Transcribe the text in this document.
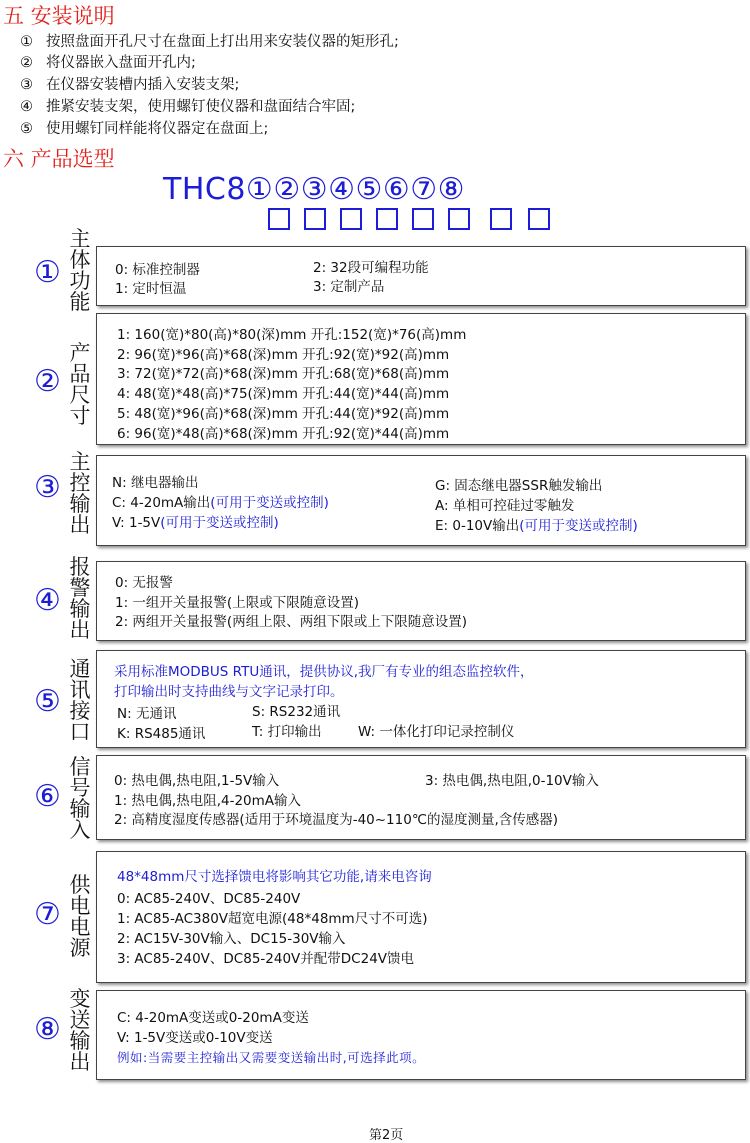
五 安装说明
① 按照盘面开孔尺寸在盘面上打出用来安装仪器的矩形孔;
② 将仪器嵌入盘面开孔内;
③ 在仪器安装槽内插入安装支架;
④ 推紧安装支架，使用螺钉使仪器和盘面结合牢固;
⑤ 使用螺钉同样能将仪器定在盘面上;
六 产品选型
THC8①②③④⑤⑥⑦⑧
①
主
体
功
能
0: 标准控制器
1: 定时恒温
2: 32段可编程功能
3: 定制产品
②
产
品
尺
寸
1: 160(宽)*80(高)*80(深)mm 开孔:152(宽)*76(高)mm
2: 96(宽)*96(高)*68(深)mm 开孔:92(宽)*92(高)mm
3: 72(宽)*72(高)*68(深)mm 开孔:68(宽)*68(高)mm
4: 48(宽)*48(高)*75(深)mm 开孔:44(宽)*44(高)mm
5: 48(宽)*96(高)*68(深)mm 开孔:44(宽)*92(高)mm
6: 96(宽)*48(高)*68(深)mm 开孔:92(宽)*44(高)mm
③
主
控
输
出
N: 继电器输出
C: 4-20mA输出(可用于变送或控制)
V: 1-5V(可用于变送或控制)
G: 固态继电器SSR触发输出
A: 单相可控硅过零触发
E: 0-10V输出(可用于变送或控制)
④
报
警
输
出
0: 无报警
1: 一组开关量报警(上限或下限随意设置)
2: 两组开关量报警(两组上限、两组下限或上下限随意设置)
⑤
通
讯
接
口
采用标准MODBUS RTU通讯，提供协议,我厂有专业的组态监控软件，
打印输出时支持曲线与文字记录打印。
N: 无通讯
K: RS485通讯
S: RS232通讯
T: 打印输出	W: 一体化打印记录控制仪
⑥
信
号
输
入
0: 热电偶,热电阻,1-5V输入	3: 热电偶,热电阻,0-10V输入
1: 热电偶,热电阻,4-20mA输入
2: 高精度湿度传感器(适用于环境温度为-40~110℃的湿度测量,含传感器)
⑦
供
电
电
源
48*48mm尺寸选择馈电将影响其它功能,请来电咨询
0: AC85-240V、DC85-240V
1: AC85-AC380V超宽电源(48*48mm尺寸不可选)
2: AC15V-30V输入、DC15-30V输入
3: AC85-240V、DC85-240V并配带DC24V馈电
⑧
变
送
输
出
C: 4-20mA变送或0-20mA变送
V: 1-5V变送或0-10V变送
例如:当需要主控输出又需要变送输出时,可选择此项。
第2页
